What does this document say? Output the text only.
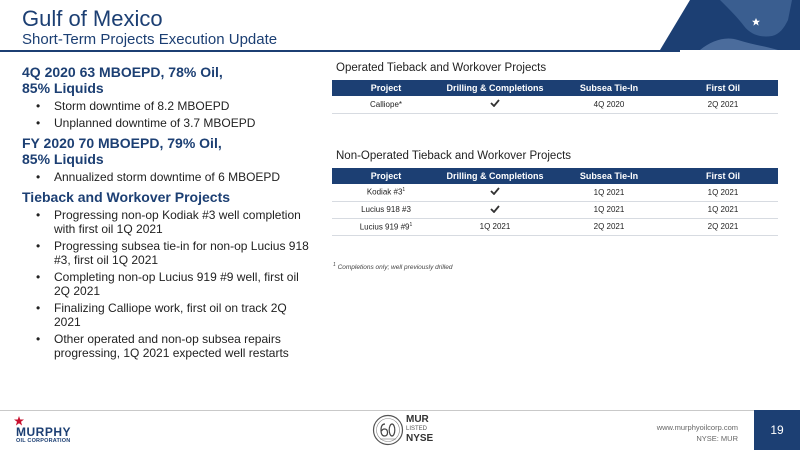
Gulf of Mexico
Short-Term Projects Execution Update
4Q 2020 63 MBOEPD, 78% Oil,
85% Liquids
• Storm downtime of 8.2 MBOEPD
• Unplanned downtime of 3.7 MBOEPD
FY 2020 70 MBOEPD, 79% Oil,
85% Liquids
• Annualized storm downtime of 6 MBOEPD
Tieback and Workover Projects
• Progressing non-op Kodiak #3 well completion with first oil 1Q 2021
• Progressing subsea tie-in for non-op Lucius 918 #3, first oil 1Q 2021
• Completing non-op Lucius 919 #9 well, first oil 2Q 2021
• Finalizing Calliope work, first oil on track 2Q 2021
• Other operated and non-op subsea repairs progressing, 1Q 2021 expected well restarts
Operated Tieback and Workover Projects
Project	Drilling & Completions	Subsea Tie-In	First Oil
Calliope*		4Q 2020	2Q 2021
Non-Operated Tieback and Workover Projects
Project	Drilling & Completions	Subsea Tie-In	First Oil
Kodiak $\#3^1$		1Q 2021	1Q 2021
Lucius 918 #3		1Q 2021	1Q 2021
Lucius 919 $\#9^1$	1Q 2021	2Q 2021	2Q 2021
$^1$ Completions only; well previously drilled
MURPHY
OIL CORPORATION
MUR
LISTED
NYSE
www.murphyoilcorp.com
NYSE: MUR
19
